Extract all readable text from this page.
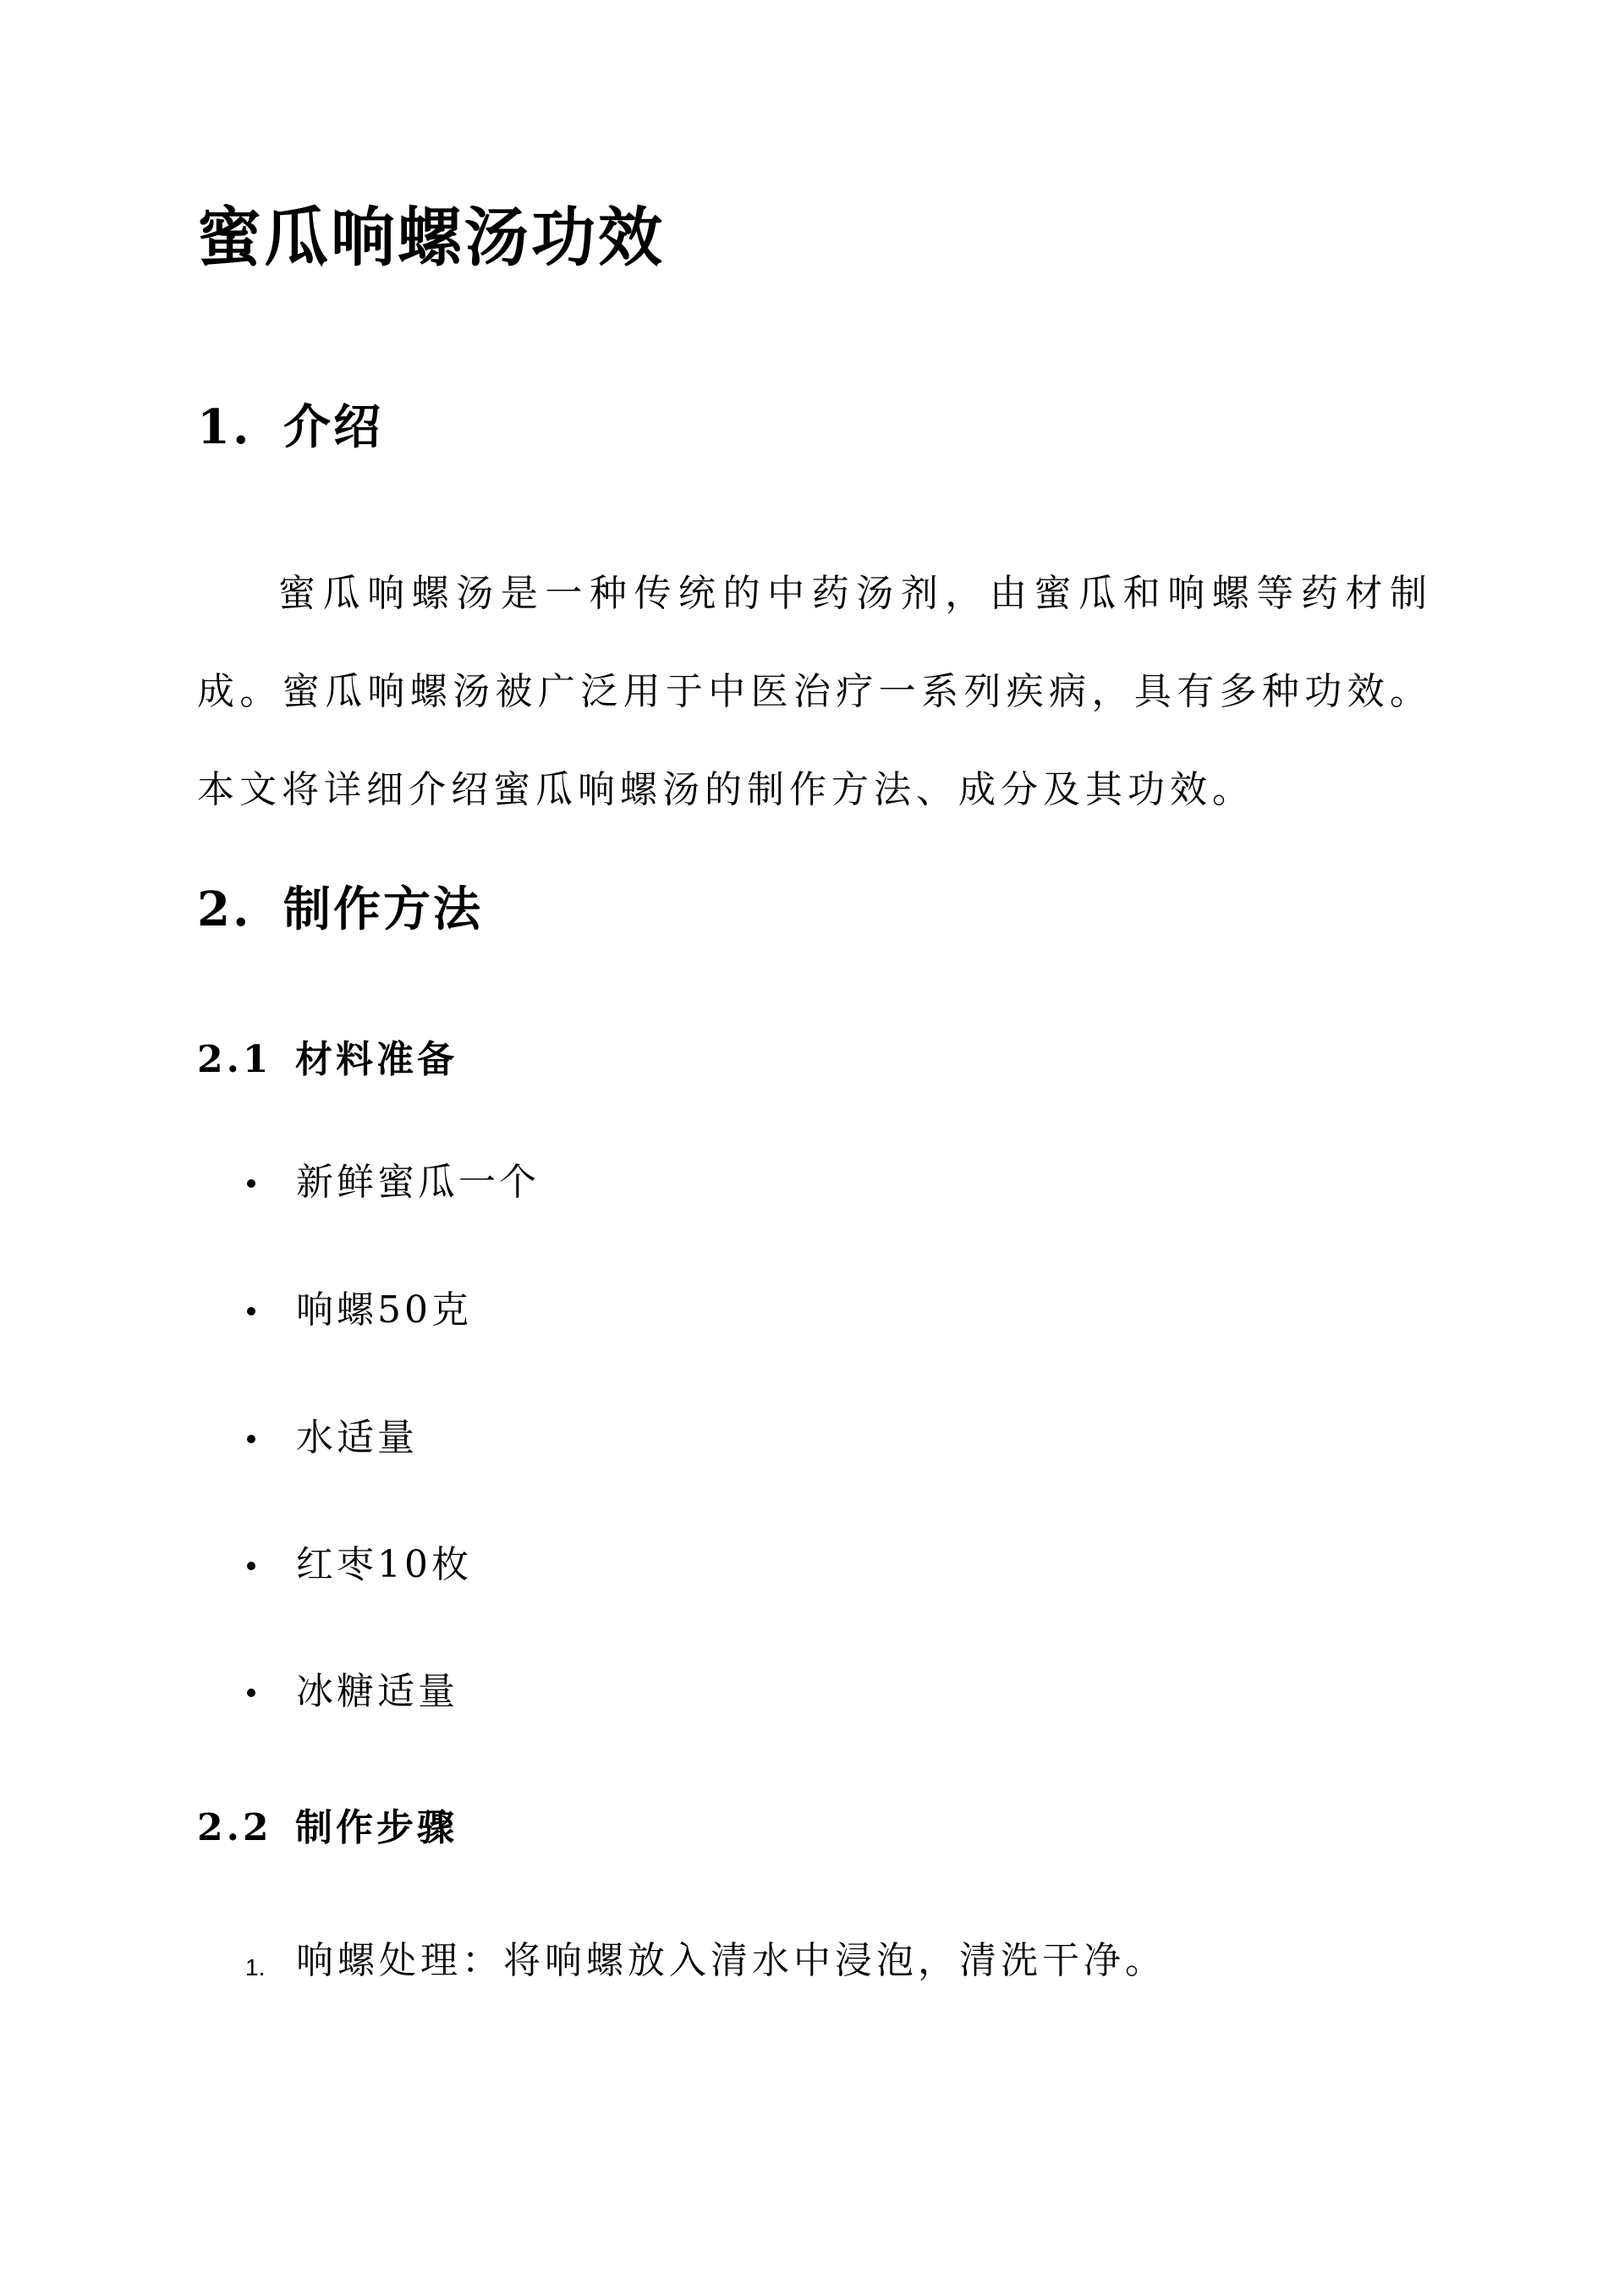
蜜瓜响螺汤功效
1. 介绍

蜜瓜响螺汤是一种传统的中药汤剂，由蜜瓜和响螺等药材制成。蜜瓜响螺汤被广泛用于中医治疗一系列疾病，具有多种功效。本文将详细介绍蜜瓜响螺汤的制作方法、成分及其功效。

2. 制作方法
2.1 材料准备
新鲜蜜瓜一个
响螺50克
水适量
红枣10枚
冰糖适量
2.2 制作步骤
1. 响螺处理：将响螺放入清水中浸泡，清洗干净。
